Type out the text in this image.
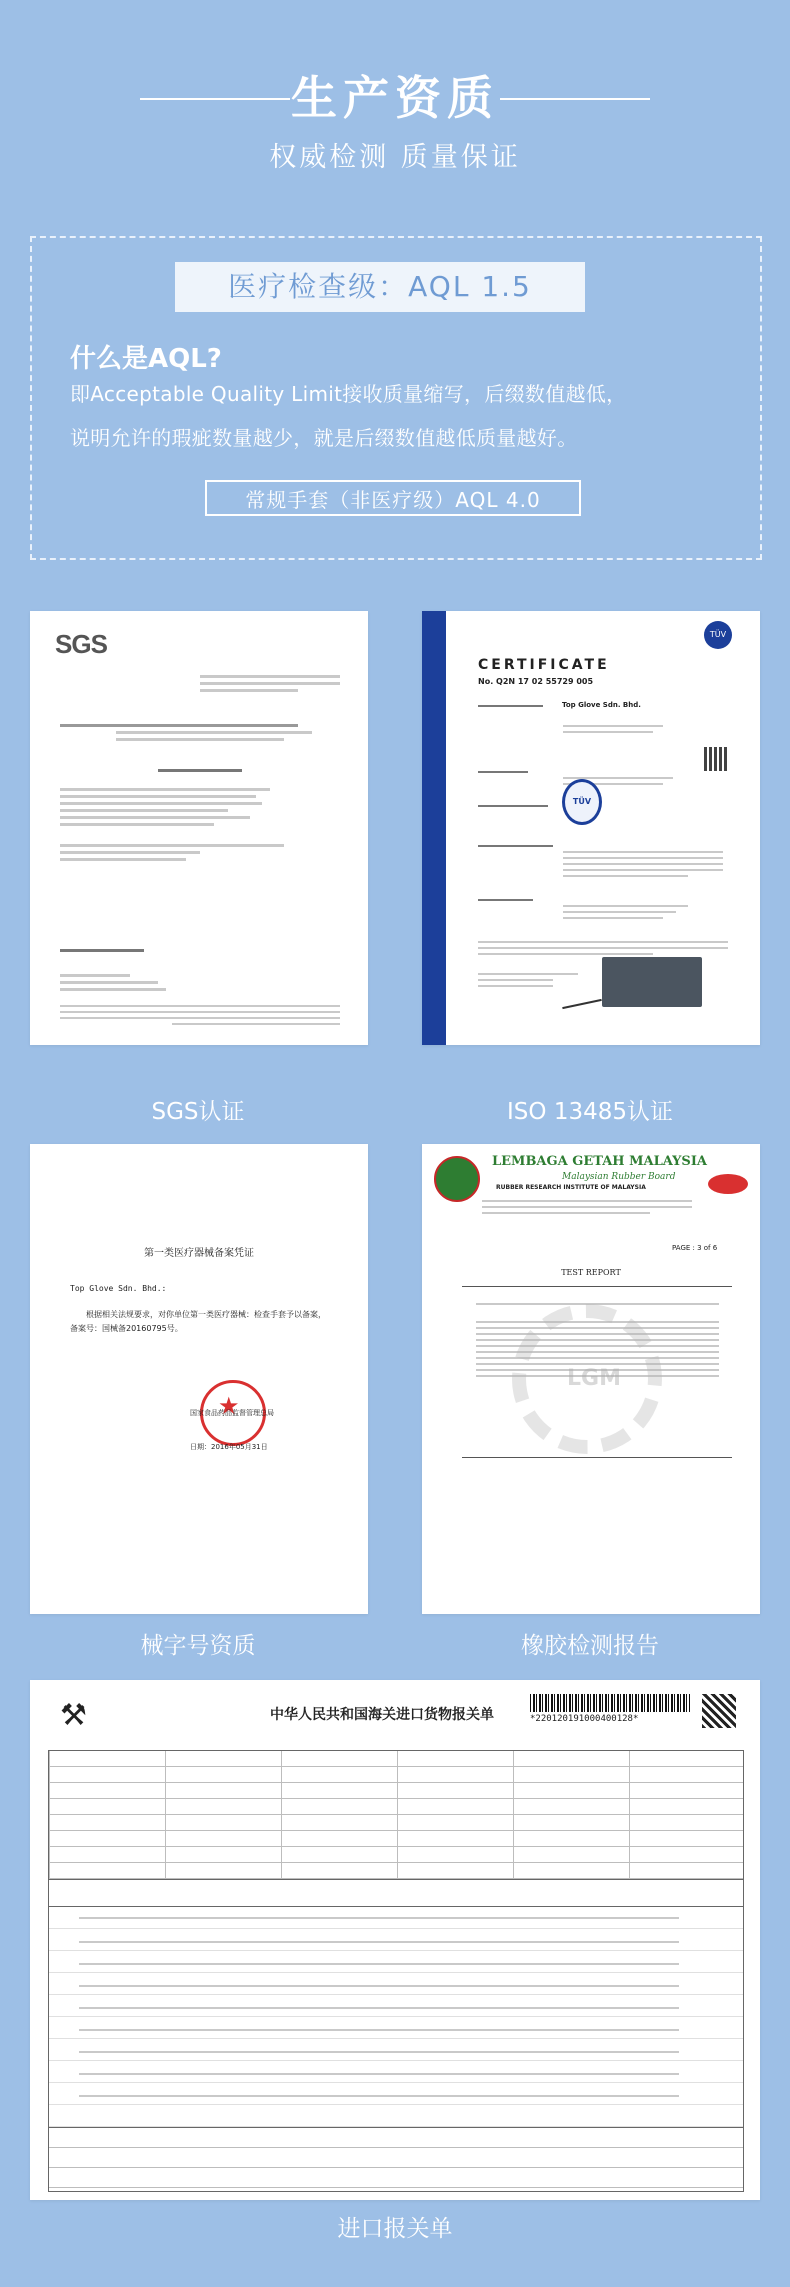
生产资质
权威检测 质量保证
医疗检查级：AQL 1.5
什么是AQL?
即Acceptable Quality Limit接收质量缩写，后缀数值越低，
说明允许的瑕疵数量越少，就是后缀数值越低质量越好。
常规手套（非医疗级）AQL 4.0
SGS
SGS认证
CERTIFICATE
No. Q2N 17 02 55729 005
TÜV
Top Glove Sdn. Bhd.
TÜV
ISO 13485认证
第一类医疗器械备案凭证
Top Glove Sdn. Bhd.:
根据相关法规要求，对你单位第一类医疗器械：检查手套予以备案，备案号：国械备20160795号。
★
国家食品药品监督管理总局
日期：2016年05月31日
械字号资质
LEMBAGA GETAH MALAYSIA
Malaysian Rubber Board
RUBBER RESEARCH INSTITUTE OF MALAYSIA
PAGE : 3 of 6
TEST REPORT
LGM
橡胶检测报告
⚒	中华人民共和国海关进口货物报关单	*220120191000400128*
进口报关单
